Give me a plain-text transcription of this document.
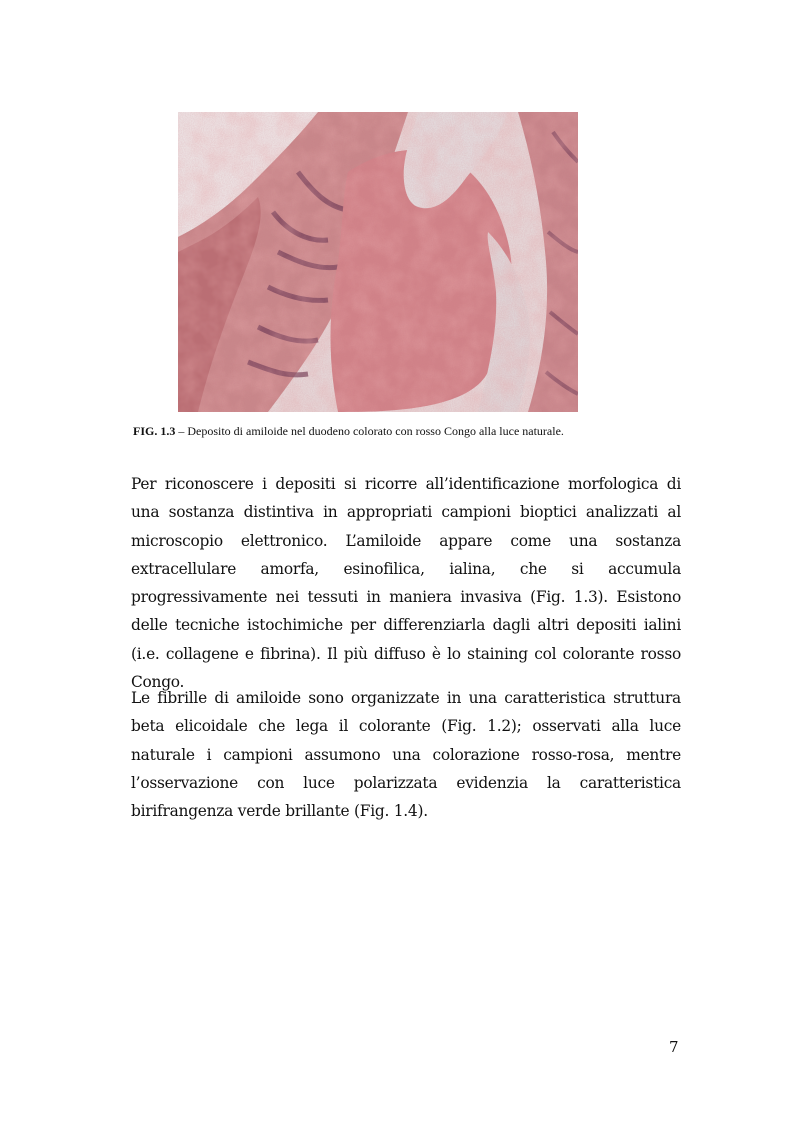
FIG. 1.3 – Deposito di amiloide nel duodeno colorato con rosso Congo alla luce naturale.

Per riconoscere i depositi si ricorre all’identificazione morfologica di una sostanza distintiva in appropriati campioni bioptici analizzati al microscopio elettronico. L’amiloide appare come una sostanza extracellulare amorfa, esinofilica, ialina, che si accumula progressivamente nei tessuti in maniera invasiva (Fig. 1.3). Esistono delle tecniche istochimiche per differenziarla dagli altri depositi ialini (i.e. collagene e fibrina). Il più diffuso è lo staining col colorante rosso Congo.

Le fibrille di amiloide sono organizzate in una caratteristica struttura beta elicoidale che lega il colorante (Fig. 1.2); osservati alla luce naturale i campioni assumono una colorazione rosso-rosa, mentre l’osservazione con luce polarizzata evidenzia la caratteristica birifrangenza verde brillante (Fig. 1.4).

7
